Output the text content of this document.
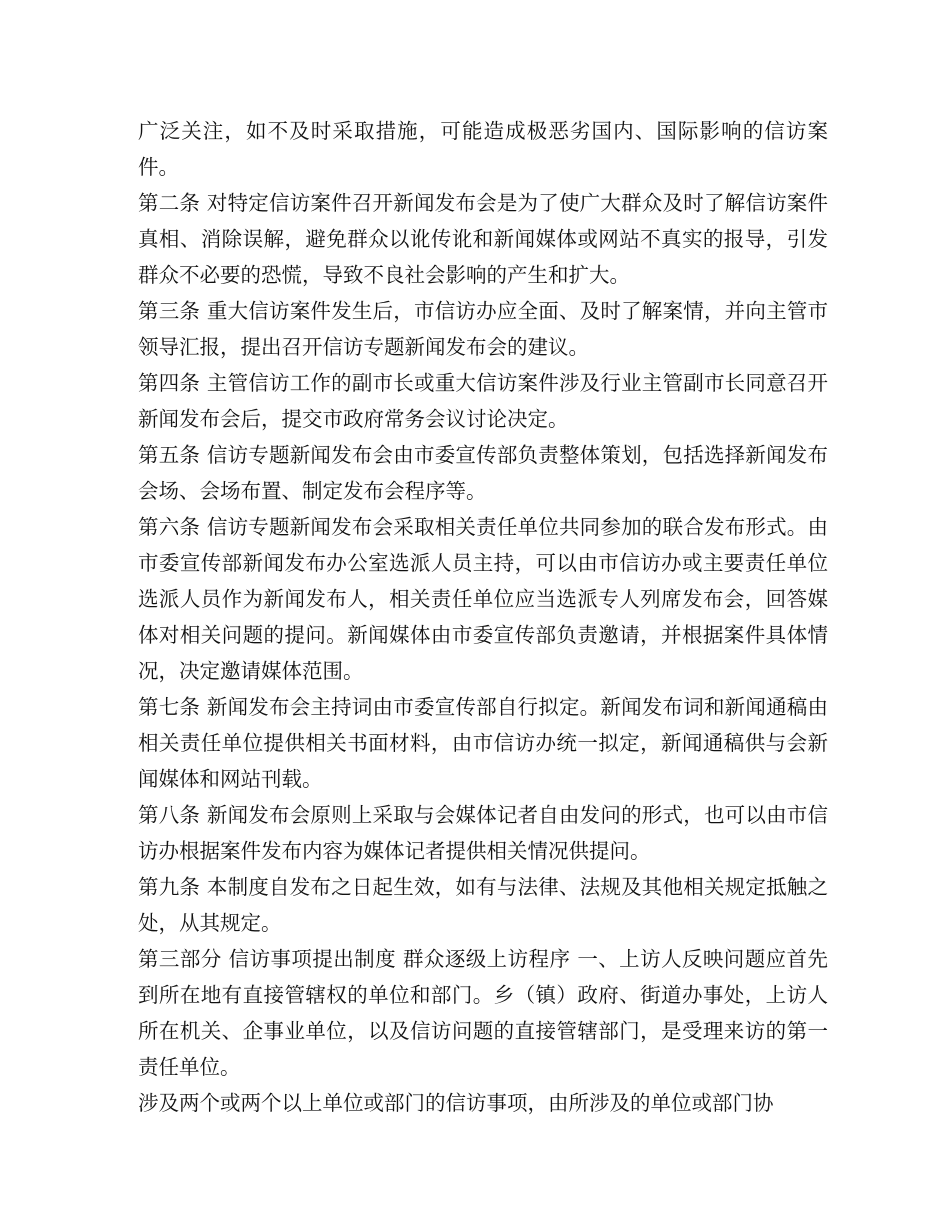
广泛关注，如不及时采取措施，可能造成极恶劣国内、国际影响的信访案件。

第二条 对特定信访案件召开新闻发布会是为了使广大群众及时了解信访案件真相、消除误解，避免群众以讹传讹和新闻媒体或网站不真实的报导，引发群众不必要的恐慌，导致不良社会影响的产生和扩大。

第三条 重大信访案件发生后，市信访办应全面、及时了解案情，并向主管市领导汇报，提出召开信访专题新闻发布会的建议。

第四条 主管信访工作的副市长或重大信访案件涉及行业主管副市长同意召开新闻发布会后，提交市政府常务会议讨论决定。

第五条 信访专题新闻发布会由市委宣传部负责整体策划，包括选择新闻发布会场、会场布置、制定发布会程序等。

第六条 信访专题新闻发布会采取相关责任单位共同参加的联合发布形式。由市委宣传部新闻发布办公室选派人员主持，可以由市信访办或主要责任单位选派人员作为新闻发布人，相关责任单位应当选派专人列席发布会，回答媒体对相关问题的提问。新闻媒体由市委宣传部负责邀请，并根据案件具体情况，决定邀请媒体范围。

第七条 新闻发布会主持词由市委宣传部自行拟定。新闻发布词和新闻通稿由相关责任单位提供相关书面材料，由市信访办统一拟定，新闻通稿供与会新闻媒体和网站刊载。

第八条 新闻发布会原则上采取与会媒体记者自由发问的形式，也可以由市信访办根据案件发布内容为媒体记者提供相关情况供提问。

第九条 本制度自发布之日起生效，如有与法律、法规及其他相关规定抵触之处，从其规定。

第三部分 信访事项提出制度 群众逐级上访程序 一、上访人反映问题应首先到所在地有直接管辖权的单位和部门。乡（镇）政府、街道办事处，上访人所在机关、企事业单位，以及信访问题的直接管辖部门，是受理来访的第一责任单位。

涉及两个或两个以上单位或部门的信访事项，由所涉及的单位或部门协
